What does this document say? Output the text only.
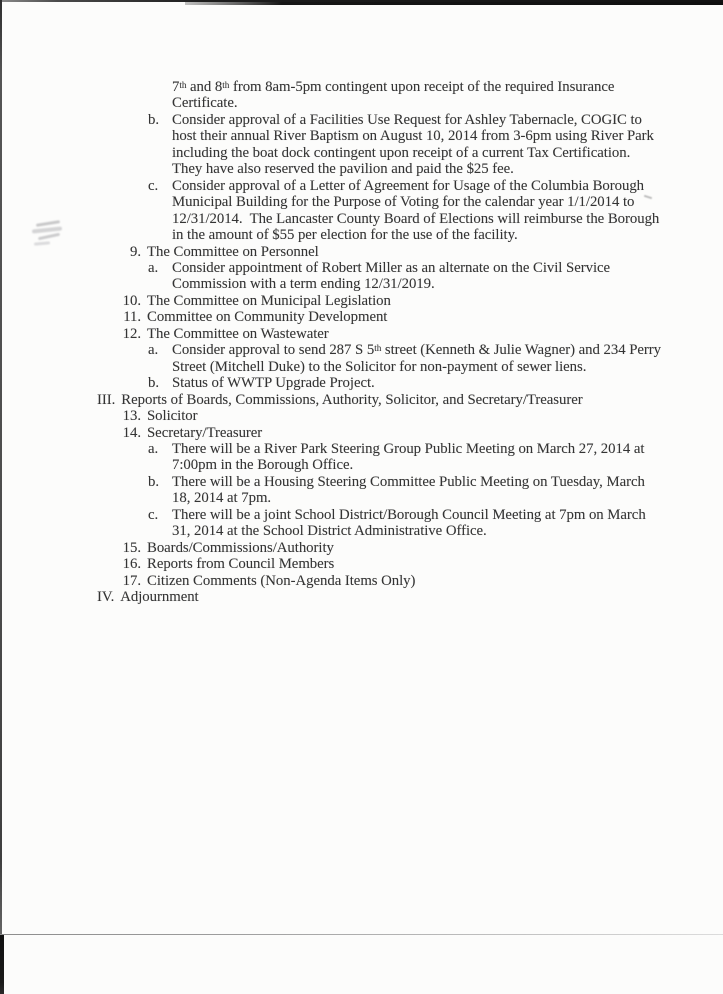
7th and 8th from 8am-5pm contingent upon receipt of the required Insurance Certificate.
b. Consider approval of a Facilities Use Request for Ashley Tabernacle, COGIC to host their annual River Baptism on August 10, 2014 from 3-6pm using River Park including the boat dock contingent upon receipt of a current Tax Certification.  They have also reserved the pavilion and paid the $25 fee.
c. Consider approval of a Letter of Agreement for Usage of the Columbia Borough Municipal Building for the Purpose of Voting for the calendar year 1/1/2014 to 12/31/2014.  The Lancaster County Board of Elections will reimburse the Borough in the amount of $55 per election for the use of the facility.
9. The Committee on Personnel
a. Consider appointment of Robert Miller as an alternate on the Civil Service Commission with a term ending 12/31/2019.
10. The Committee on Municipal Legislation
11. Committee on Community Development
12. The Committee on Wastewater
a. Consider approval to send 287 S 5th street (Kenneth & Julie Wagner) and 234 Perry Street (Mitchell Duke) to the Solicitor for non-payment of sewer liens.
b. Status of WWTP Upgrade Project.
III. Reports of Boards, Commissions, Authority, Solicitor, and Secretary/Treasurer
13. Solicitor
14. Secretary/Treasurer
a. There will be a River Park Steering Group Public Meeting on March 27, 2014 at 7:00pm in the Borough Office.
b. There will be a Housing Steering Committee Public Meeting on Tuesday, March 18, 2014 at 7pm.
c. There will be a joint School District/Borough Council Meeting at 7pm on March 31, 2014 at the School District Administrative Office.
15. Boards/Commissions/Authority
16. Reports from Council Members
17. Citizen Comments (Non-Agenda Items Only)
IV. Adjournment
